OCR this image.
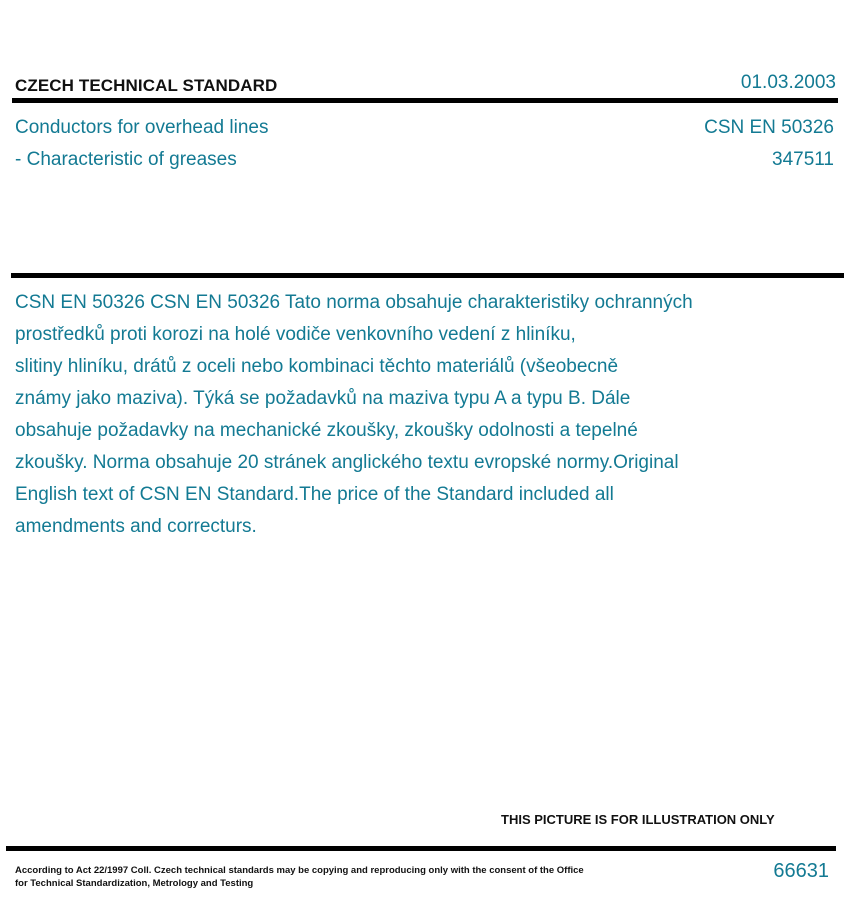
CZECH TECHNICAL STANDARD	01.03.2003
Conductors for overhead lines
- Characteristic of greases
CSN EN 50326
347511
CSN EN 50326 CSN EN 50326 Tato norma obsahuje charakteristiky ochranných
prostředků proti korozi na holé vodiče venkovního vedení z hliníku,
slitiny hliníku, drátů z oceli nebo kombinaci těchto materiálů (všeobecně
známy jako maziva). Týká se požadavků na maziva typu A a typu B. Dále
obsahuje požadavky na mechanické zkoušky, zkoušky odolnosti a tepelné
zkoušky. Norma obsahuje 20 stránek anglického textu evropské normy.Original
English text of CSN EN Standard.The price of the Standard included all
amendments and correcturs.
THIS PICTURE IS FOR ILLUSTRATION ONLY
According to Act 22/1997 Coll. Czech technical standards may be copying and reproducing only with the consent of the Office
for Technical Standardization, Metrology and Testing
66631
